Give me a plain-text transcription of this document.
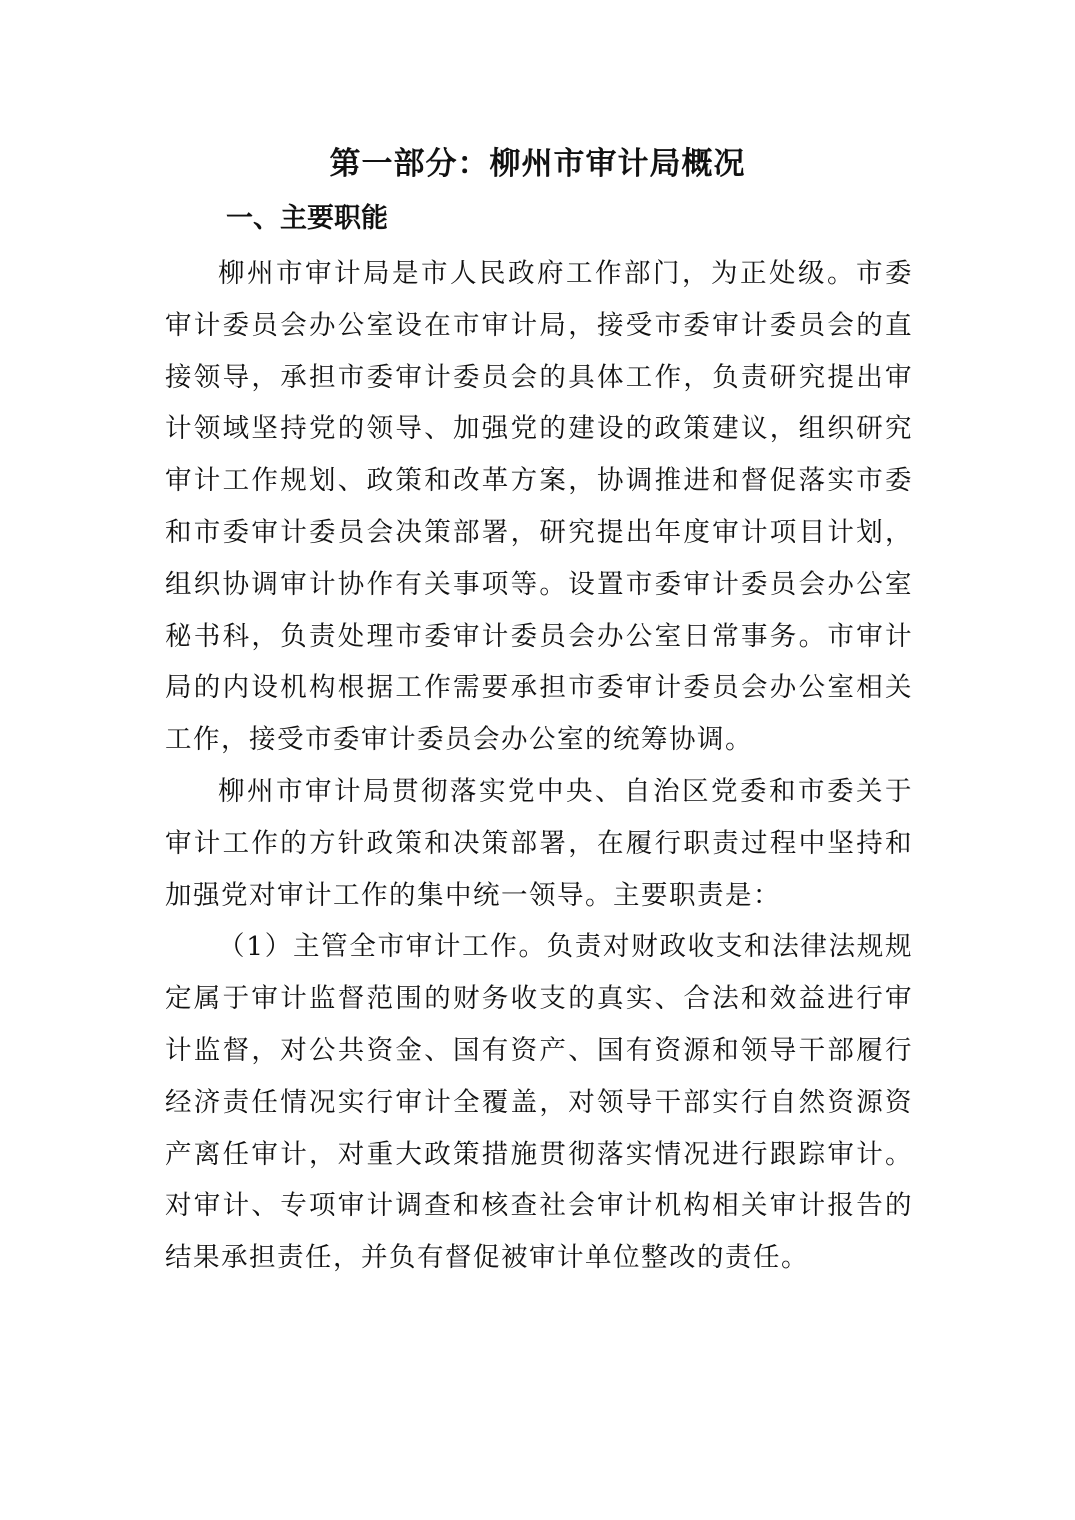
第一部分：柳州市审计局概况
一、主要职能

柳州市审计局是市人民政府工作部门，为正处级。市委审计委员会办公室设在市审计局，接受市委审计委员会的直接领导，承担市委审计委员会的具体工作，负责研究提出审计领域坚持党的领导、加强党的建设的政策建议，组织研究审计工作规划、政策和改革方案，协调推进和督促落实市委和市委审计委员会决策部署，研究提出年度审计项目计划，组织协调审计协作有关事项等。设置市委审计委员会办公室秘书科，负责处理市委审计委员会办公室日常事务。市审计局的内设机构根据工作需要承担市委审计委员会办公室相关工作，接受市委审计委员会办公室的统筹协调。

柳州市审计局贯彻落实党中央、自治区党委和市委关于审计工作的方针政策和决策部署，在履行职责过程中坚持和加强党对审计工作的集中统一领导。主要职责是：

（1）主管全市审计工作。负责对财政收支和法律法规规定属于审计监督范围的财务收支的真实、合法和效益进行审计监督，对公共资金、国有资产、国有资源和领导干部履行经济责任情况实行审计全覆盖，对领导干部实行自然资源资产离任审计，对重大政策措施贯彻落实情况进行跟踪审计。对审计、专项审计调查和核查社会审计机构相关审计报告的结果承担责任，并负有督促被审计单位整改的责任。
